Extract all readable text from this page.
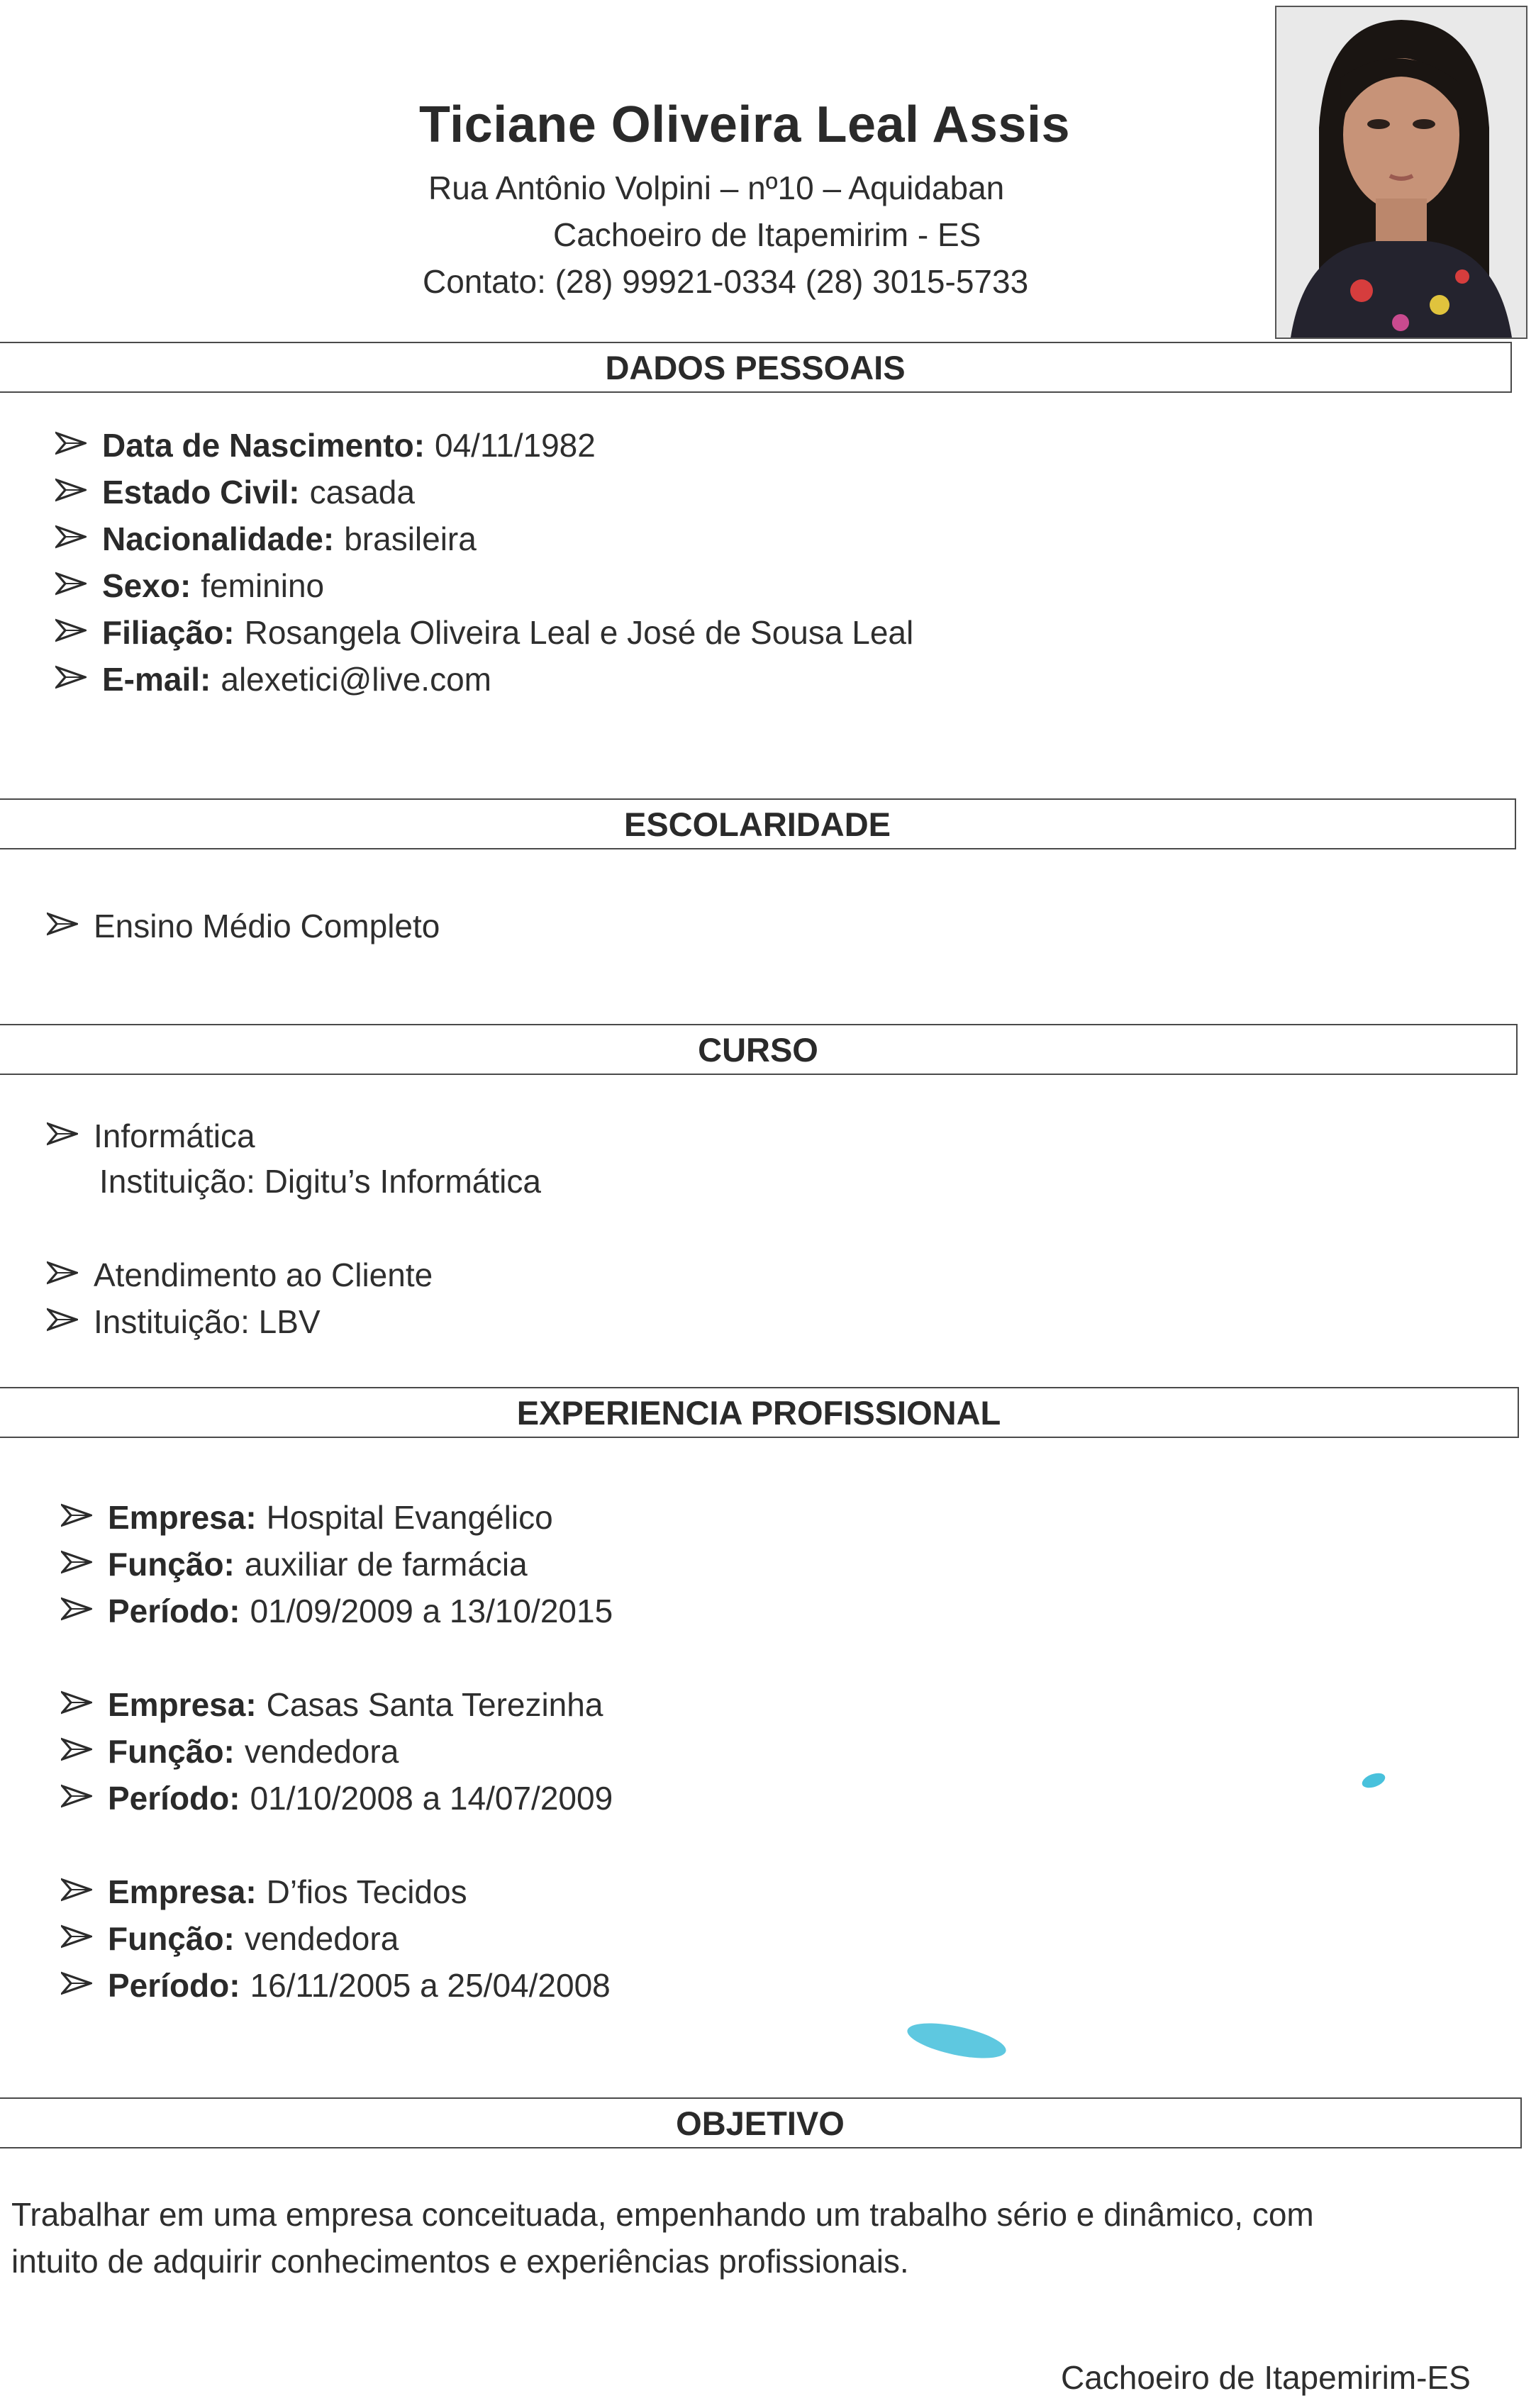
Ticiane Oliveira Leal Assis
Rua Antônio Volpini – nº10 – Aquidaban
Cachoeiro de Itapemirim - ES
Contato: (28) 99921-0334 (28) 3015-5733
DADOS PESSOAIS
Data de Nascimento: 04/11/1982
Estado Civil: casada
Nacionalidade: brasileira
Sexo: feminino
Filiação: Rosangela Oliveira Leal e José de Sousa Leal
E-mail: alexetici@live.com
ESCOLARIDADE
Ensino Médio Completo
CURSO
Informática
Instituição: Digitu’s Informática
Atendimento ao Cliente
Instituição: LBV
EXPERIENCIA PROFISSIONAL
Empresa: Hospital Evangélico
Função: auxiliar de farmácia
Período: 01/09/2009 a 13/10/2015
Empresa: Casas Santa Terezinha
Função: vendedora
Período: 01/10/2008 a 14/07/2009
Empresa: D’fios Tecidos
Função: vendedora
Período: 16/11/2005 a 25/04/2008
OBJETIVO
Trabalhar em uma empresa conceituada, empenhando um trabalho sério e dinâmico, com
intuito de adquirir conhecimentos e experiências profissionais.
Cachoeiro de Itapemirim-ES
